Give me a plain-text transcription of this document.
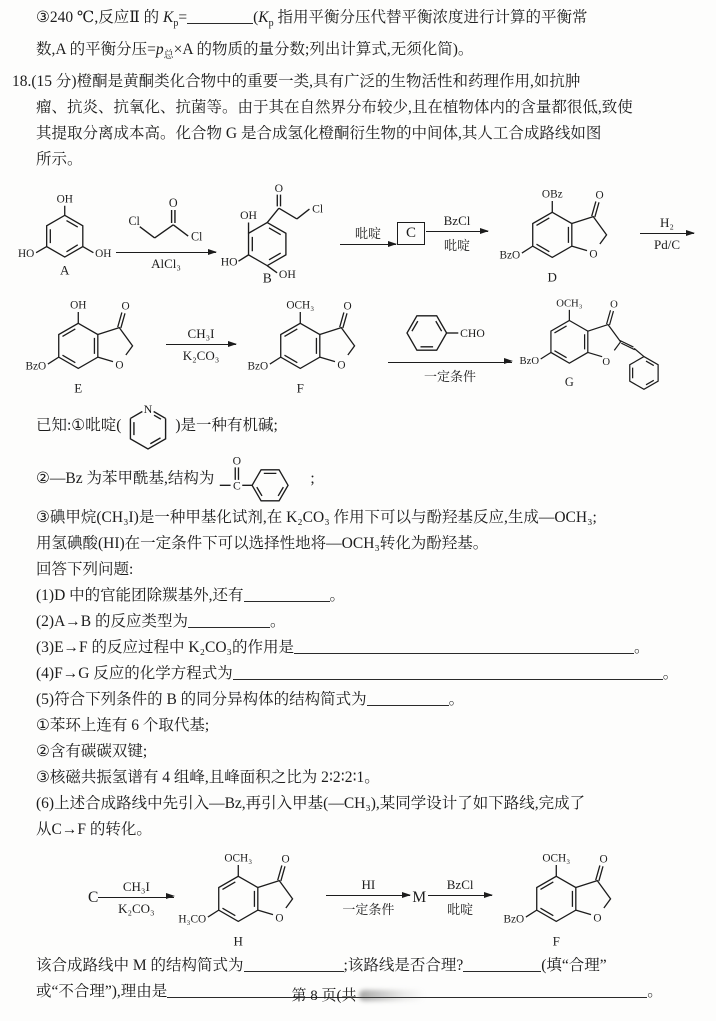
③240 ℃,反应Ⅱ 的 $K_p=$	($K_p$ 指用平衡分压代替平衡浓度进行计算的平衡常
数,A 的平衡分压$=p_总\times A$ 的物质的量分数;列出计算式,无须化简)。
18.(15 分)橙酮是黄酮类化合物中的重要一类,具有广泛的生物活性和药理作用,如抗肿
瘤、抗炎、抗氧化、抗菌等。由于其在自然界分布较少,且在植物体内的含量都很低,致使
其提取分离成本高。化合物 G 是合成氢化橙酮衍生物的中间体,其人工合成路线如图
所示。
OH
HO	OH
A
Cl
O
Cl
AlCl₃
OH
O
Cl
HO
OH
B
吡啶	C
BzCl
吡啶
OBz	O
O
BzO
D
H₂
Pd/C
OH	O
O
BzO
E
CH₃I
K₂CO₃
OCH₃ O
O
BzO
F
CHO
一定条件
OCH₃ O
O
BzO
G
已知:①吡啶(
N
)是一种有机碱;
②—Bz 为苯甲酰基,结构为 C
O
;
③碘甲烷(CH₃I)是一种甲基化试剂,在 K₂CO₃ 作用下可以与酚羟基反应,生成—OCH₃;
用氢碘酸(HI)在一定条件下可以选择性地将—OCH₃转化为酚羟基。
回答下列问题:
(1)D 中的官能团除羰基外,还有	。
(2)A→B 的反应类型为	。
(3)E→F 的反应过程中 K₂CO₃的作用是	。
(4)F→G 反应的化学方程式为	。
(5)符合下列条件的 B 的同分异构体的结构简式为	。
①苯环上连有 6 个取代基;
②含有碳碳双键;
③核磁共振氢谱有 4 组峰,且峰面积之比为 2∶2∶2∶1。
(6)上述合成路线中先引入—Bz,再引入甲基(—CH₃),某同学设计了如下路线,完成了
从C→F 的转化。
C
CH₃I
K₂CO₃
OCH₃ O
O
H₃CO
H
HI
一定条件
M
BzCl
吡啶
OCH₃ O
O
BzO
F
该合成路线中 M 的结构简式为	;该路线是否合理?	(填“合理”
或“不合理”),理由是	。
第 8 页(共
